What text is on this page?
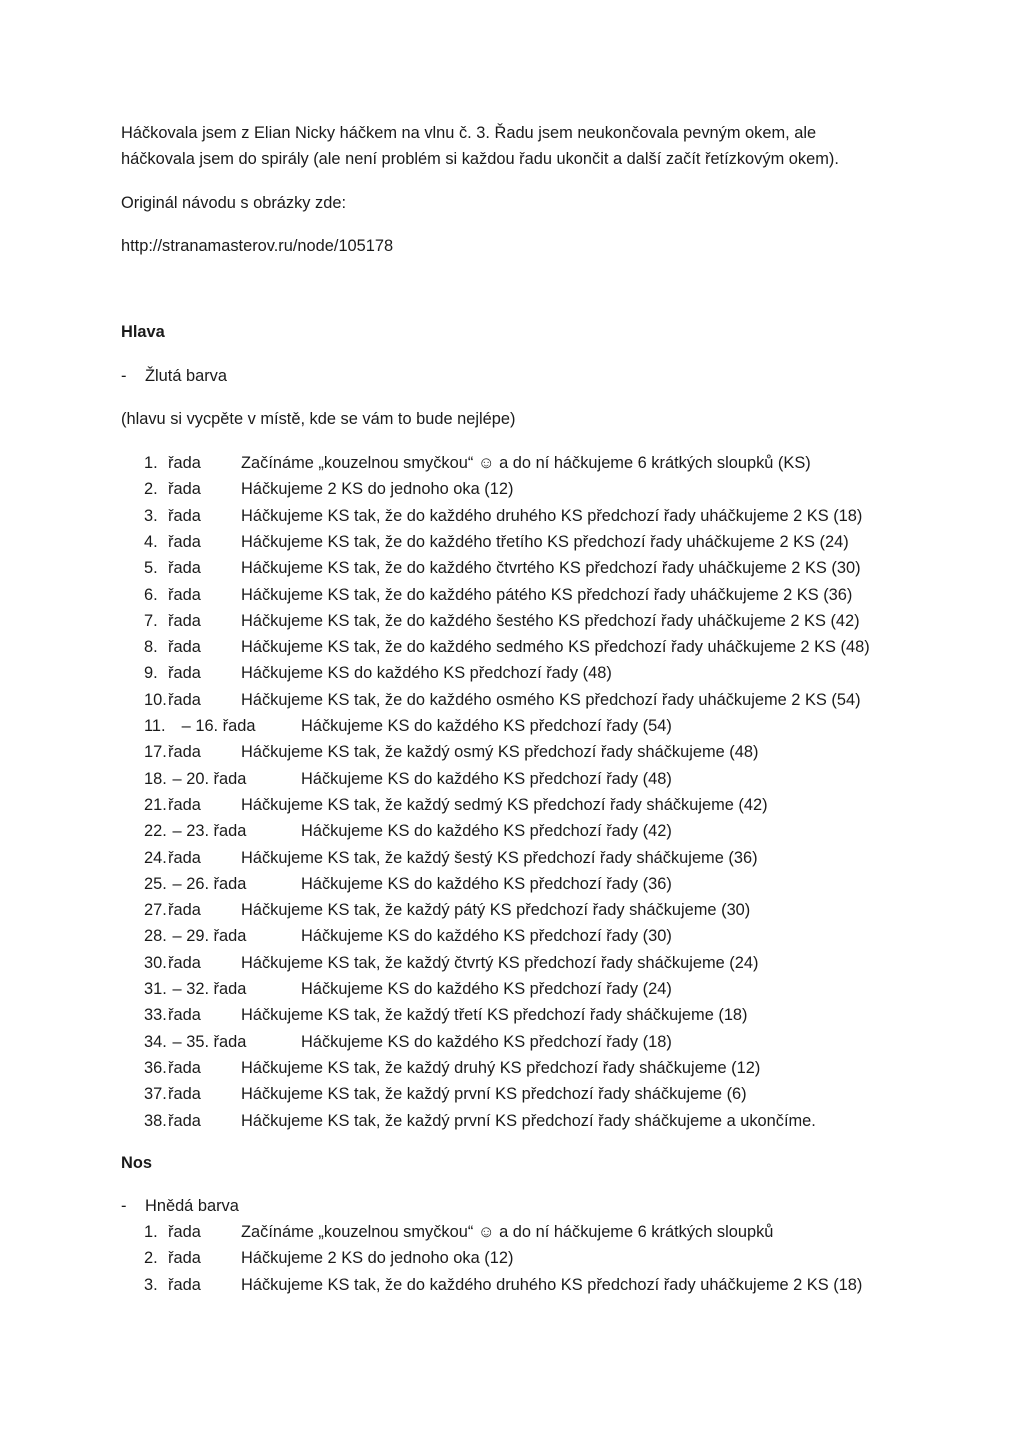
Háčkovala jsem z Elian Nicky háčkem na vlnu č. 3. Řadu jsem neukončovala pevným okem, ale
háčkovala jsem do spirály (ale není problém si každou řadu ukončit a další začít řetízkovým okem).
Originál návodu s obrázky zde:
http://stranamasterov.ru/node/105178
Hlava
- Žlutá barva
(hlavu si vycpěte v místě, kde se vám to bude nejlépe)
1. řada Začínáme „kouzelnou smyčkou“ ☺ a do ní háčkujeme 6 krátkých sloupků (KS)
2. řada Háčkujeme 2 KS do jednoho oka (12)
3. řada Háčkujeme KS tak, že do každého druhého KS předchozí řady uháčkujeme 2 KS (18)
4. řada Háčkujeme KS tak, že do každého třetího KS předchozí řady uháčkujeme 2 KS (24)
5. řada Háčkujeme KS tak, že do každého čtvrtého KS předchozí řady uháčkujeme 2 KS (30)
6. řada Háčkujeme KS tak, že do každého pátého KS předchozí řady uháčkujeme 2 KS (36)
7. řada Háčkujeme KS tak, že do každého šestého KS předchozí řady uháčkujeme 2 KS (42)
8. řada Háčkujeme KS tak, že do každého sedmého KS předchozí řady uháčkujeme 2 KS (48)
9. řada Háčkujeme KS do každého KS předchozí řady (48)
10. řada Háčkujeme KS tak, že do každého osmého KS předchozí řady uháčkujeme 2 KS (54)
11. – 16. řada	Háčkujeme KS do každého KS předchozí řady (54)
17. řada Háčkujeme KS tak, že každý osmý KS předchozí řady sháčkujeme (48)
18. – 20. řada	Háčkujeme KS do každého KS předchozí řady (48)
21. řada Háčkujeme KS tak, že každý sedmý KS předchozí řady sháčkujeme (42)
22. – 23. řada	Háčkujeme KS do každého KS předchozí řady (42)
24. řada Háčkujeme KS tak, že každý šestý KS předchozí řady sháčkujeme (36)
25. – 26. řada	Háčkujeme KS do každého KS předchozí řady (36)
27. řada Háčkujeme KS tak, že každý pátý KS předchozí řady sháčkujeme (30)
28. – 29. řada	Háčkujeme KS do každého KS předchozí řady (30)
30. řada Háčkujeme KS tak, že každý čtvrtý KS předchozí řady sháčkujeme (24)
31. – 32. řada	Háčkujeme KS do každého KS předchozí řady (24)
33. řada Háčkujeme KS tak, že každý třetí KS předchozí řady sháčkujeme (18)
34. – 35. řada	Háčkujeme KS do každého KS předchozí řady (18)
36. řada Háčkujeme KS tak, že každý druhý KS předchozí řady sháčkujeme (12)
37. řada Háčkujeme KS tak, že každý první KS předchozí řady sháčkujeme (6)
38. řada Háčkujeme KS tak, že každý první KS předchozí řady sháčkujeme a ukončíme.
Nos
- Hnědá barva
1. řada Začínáme „kouzelnou smyčkou“ ☺ a do ní háčkujeme 6 krátkých sloupků
2. řada Háčkujeme 2 KS do jednoho oka (12)
3. řada Háčkujeme KS tak, že do každého druhého KS předchozí řady uháčkujeme 2 KS (18)
